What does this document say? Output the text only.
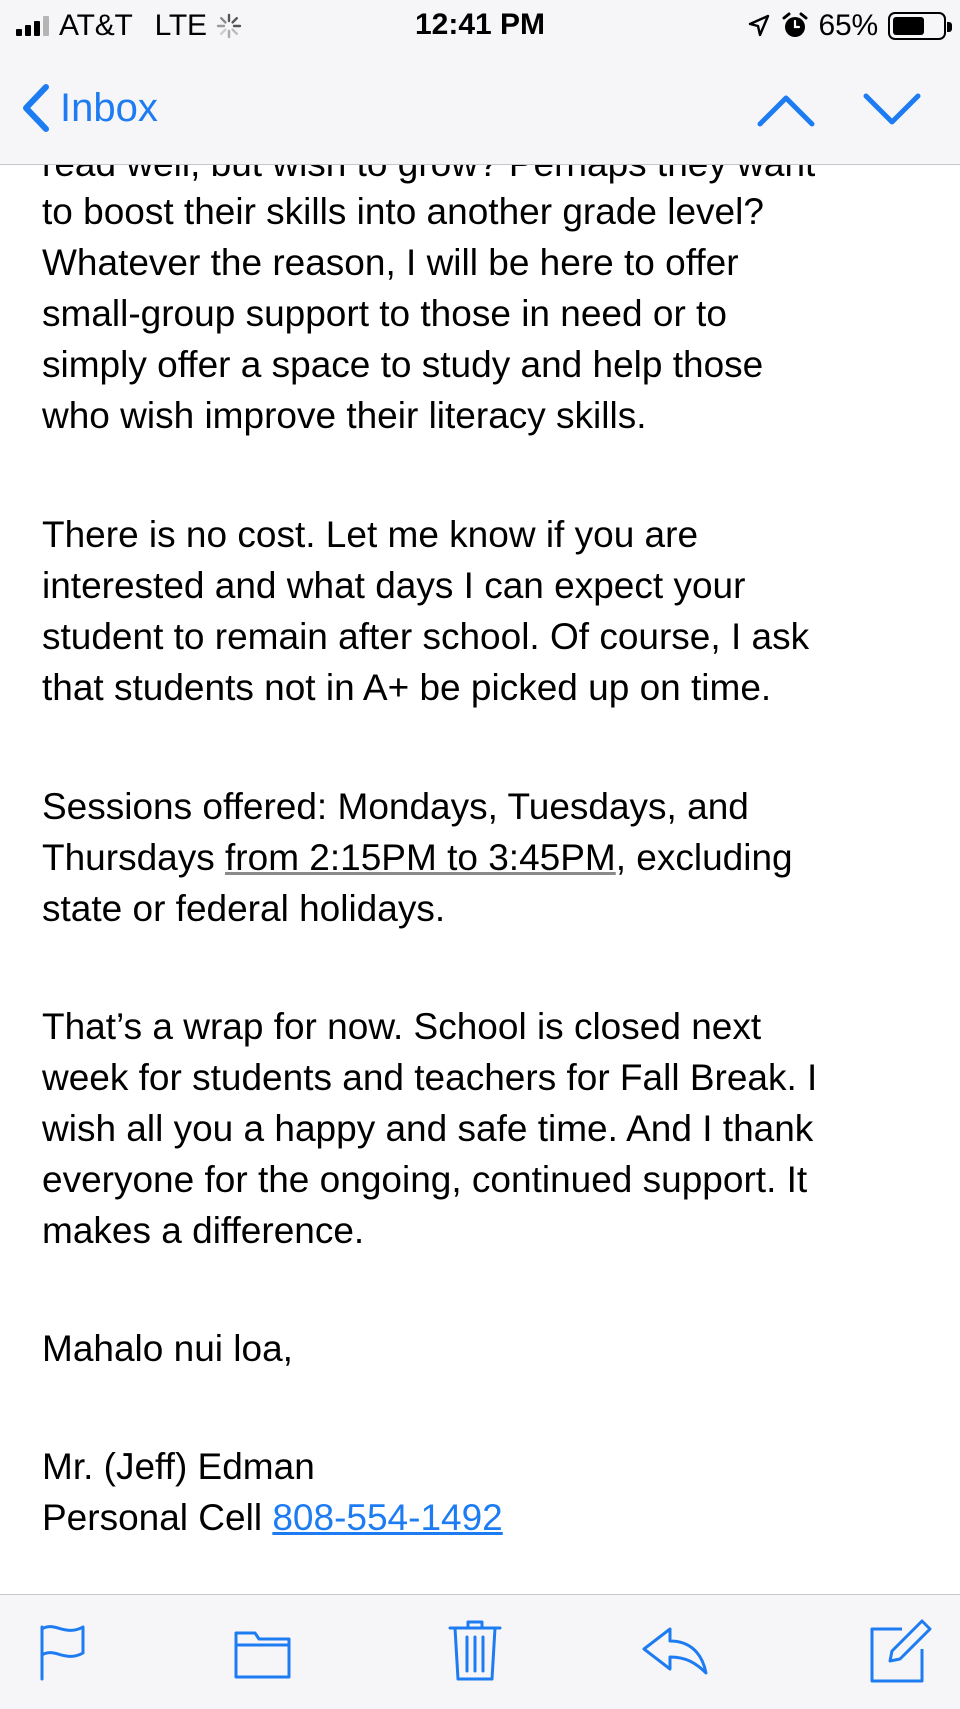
to boost their skills into another grade level?
Whatever the reason, I will be here to offer
small-group support to those in need or to
simply offer a space to study and help those
who wish improve their literacy skills.
There is no cost. Let me know if you are
interested and what days I can expect your
student to remain after school. Of course, I ask
that students not in A+ be picked up on time.
Sessions offered: Mondays, Tuesdays, and
Thursdays from 2:15PM to 3:45PM, excluding
state or federal holidays.
That’s a wrap for now. School is closed next
week for students and teachers for Fall Break. I
wish all you a happy and safe time. And I thank
everyone for the ongoing, continued support. It
makes a difference.
Mahalo nui loa,
Mr. (Jeff) Edman
Personal Cell 808-554-1492
AT&T LTE	12:41 PM	65%
Inbox
